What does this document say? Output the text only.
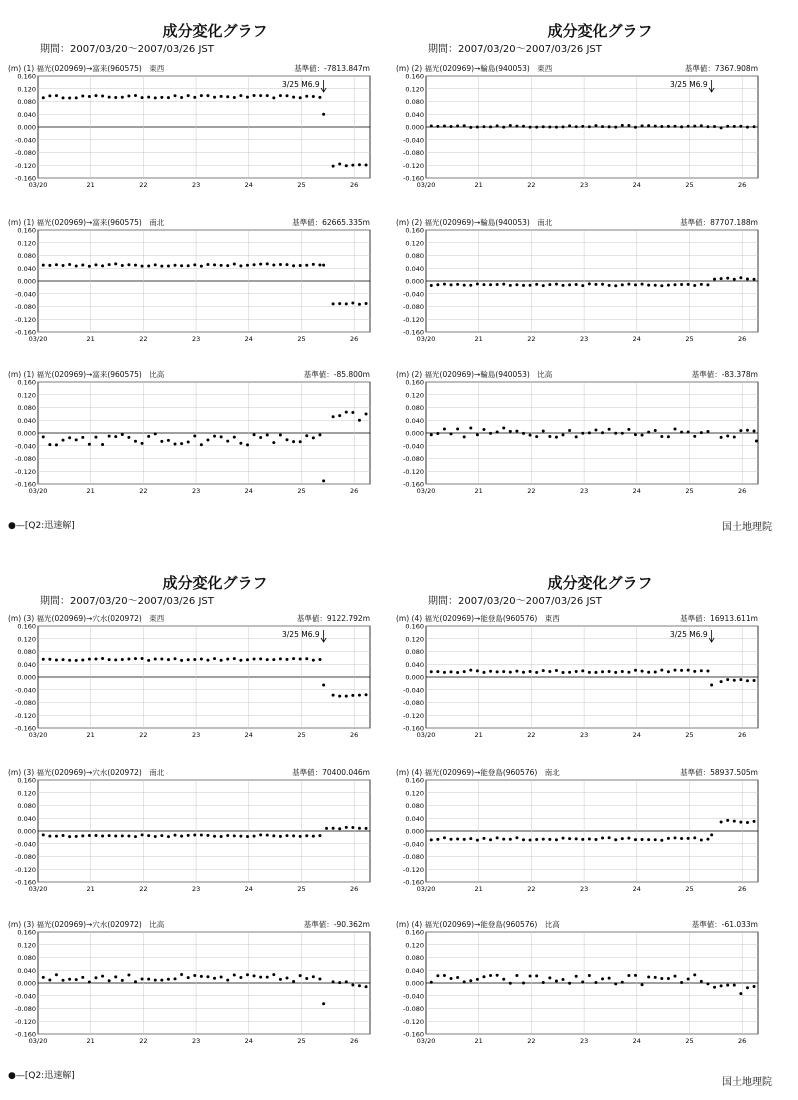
成分変化グラフ
期間：2007/03/20～2007/03/26 JST
成分変化グラフ
期間：2007/03/20～2007/03/26 JST
成分変化グラフ
期間：2007/03/20～2007/03/26 JST
成分変化グラフ
期間：2007/03/20～2007/03/26 JST
●—[Q2:迅速解]	国土地理院
●—[Q2:迅速解]
国土地理院
(m) (1) 福光(020969)→富来(960575)　東西	基準値：-7813.847m
0.160
0.120
0.080
0.040
0.000
-0.040
-0.080
-0.120
-0.160
03/20	21	22	23	24	25	26
3/25 M6.9
(m) (1) 福光(020969)→富来(960575)　南北	基準値：62665.335m
0.160
0.120
0.080
0.040
0.000
-0.040
-0.080
-0.120
-0.160
03/20	21	22	23	24	25	26
(m) (1) 福光(020969)→富来(960575)　比高	基準値：-85.800m
0.160
0.120
0.080
0.040
0.000
-0.040
-0.080
-0.120
-0.160
03/20	21	22	23	24	25	26
(m) (2) 福光(020969)→輪島(940053)　東西	基準値：7367.908m
0.160
0.120
0.080
0.040
0.000
-0.040
-0.080
-0.120
-0.160
03/20	21	22	23	24	25	26
3/25 M6.9
(m) (2) 福光(020969)→輪島(940053)　南北	基準値：87707.188m
0.160
0.120
0.080
0.040
0.000
-0.040
-0.080
-0.120
-0.160
03/20	21	22	23	24	25	26
(m) (2) 福光(020969)→輪島(940053)　比高	基準値：-83.378m
0.160
0.120
0.080
0.040
0.000
-0.040
-0.080
-0.120
-0.160
03/20	21	22	23	24	25	26
(m) (3) 福光(020969)→穴水(020972)　東西	基準値：9122.792m
0.160
0.120
0.080
0.040
0.000
-0.040
-0.080
-0.120
-0.160
03/20	21	22	23	24	25	26
3/25 M6.9
(m) (3) 福光(020969)→穴水(020972)　南北	基準値：70400.046m
0.160
0.120
0.080
0.040
0.000
-0.040
-0.080
-0.120
-0.160
03/20	21	22	23	24	25	26
(m) (3) 福光(020969)→穴水(020972)　比高	基準値：-90.362m
0.160
0.120
0.080
0.040
0.000
-0.040
-0.080
-0.120
-0.160
03/20	21	22	23	24	25	26
(m) (4) 福光(020969)→能登島(960576)　東西	基準値：16913.611m
0.160
0.120
0.080
0.040
0.000
-0.040
-0.080
-0.120
-0.160
03/20	21	22	23	24	25	26
3/25 M6.9
(m) (4) 福光(020969)→能登島(960576)　南北	基準値：58937.505m
0.160
0.120
0.080
0.040
0.000
-0.040
-0.080
-0.120
-0.160
03/20	21	22	23	24	25	26
(m) (4) 福光(020969)→能登島(960576)　比高	基準値：-61.033m
0.160
0.120
0.080
0.040
0.000
-0.040
-0.080
-0.120
-0.160
03/20	21	22	23	24	25	26
